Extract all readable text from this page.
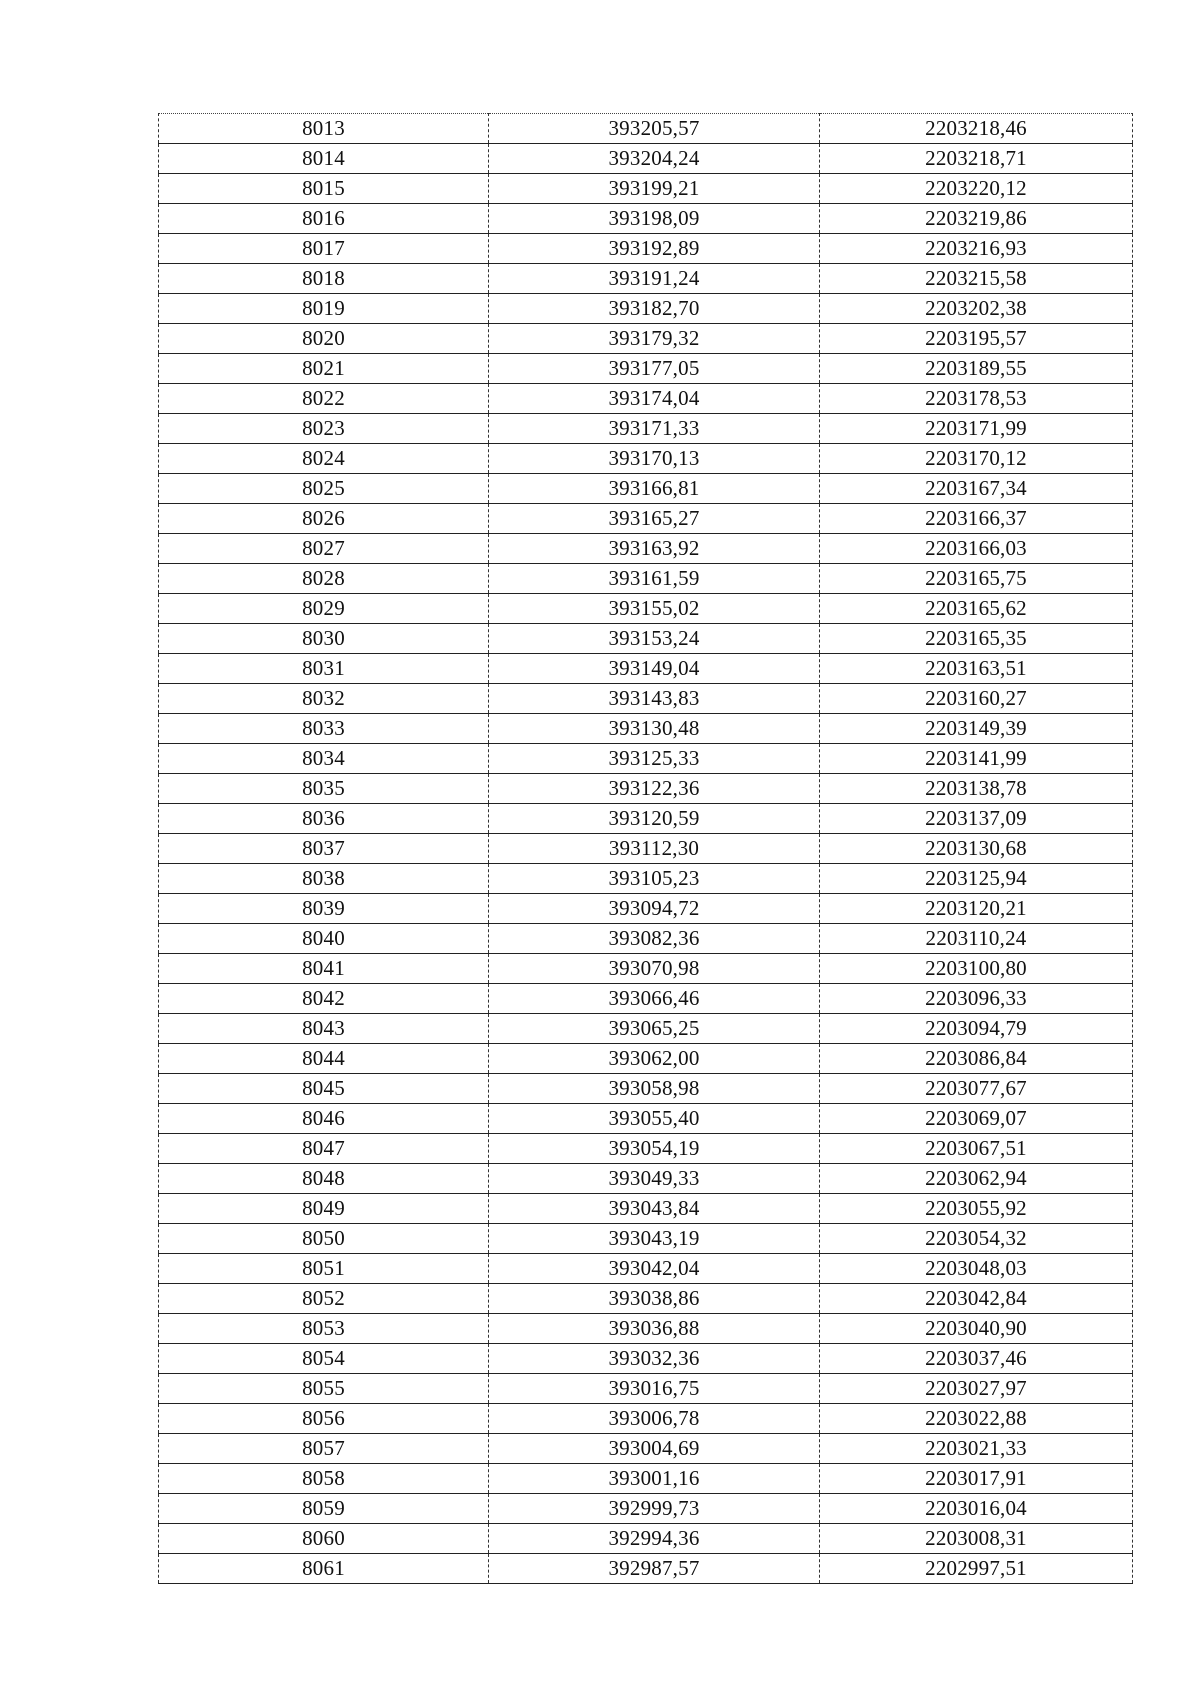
8013	393205,57	2203218,46
8014	393204,24	2203218,71
8015	393199,21	2203220,12
8016	393198,09	2203219,86
8017	393192,89	2203216,93
8018	393191,24	2203215,58
8019	393182,70	2203202,38
8020	393179,32	2203195,57
8021	393177,05	2203189,55
8022	393174,04	2203178,53
8023	393171,33	2203171,99
8024	393170,13	2203170,12
8025	393166,81	2203167,34
8026	393165,27	2203166,37
8027	393163,92	2203166,03
8028	393161,59	2203165,75
8029	393155,02	2203165,62
8030	393153,24	2203165,35
8031	393149,04	2203163,51
8032	393143,83	2203160,27
8033	393130,48	2203149,39
8034	393125,33	2203141,99
8035	393122,36	2203138,78
8036	393120,59	2203137,09
8037	393112,30	2203130,68
8038	393105,23	2203125,94
8039	393094,72	2203120,21
8040	393082,36	2203110,24
8041	393070,98	2203100,80
8042	393066,46	2203096,33
8043	393065,25	2203094,79
8044	393062,00	2203086,84
8045	393058,98	2203077,67
8046	393055,40	2203069,07
8047	393054,19	2203067,51
8048	393049,33	2203062,94
8049	393043,84	2203055,92
8050	393043,19	2203054,32
8051	393042,04	2203048,03
8052	393038,86	2203042,84
8053	393036,88	2203040,90
8054	393032,36	2203037,46
8055	393016,75	2203027,97
8056	393006,78	2203022,88
8057	393004,69	2203021,33
8058	393001,16	2203017,91
8059	392999,73	2203016,04
8060	392994,36	2203008,31
8061	392987,57	2202997,51
